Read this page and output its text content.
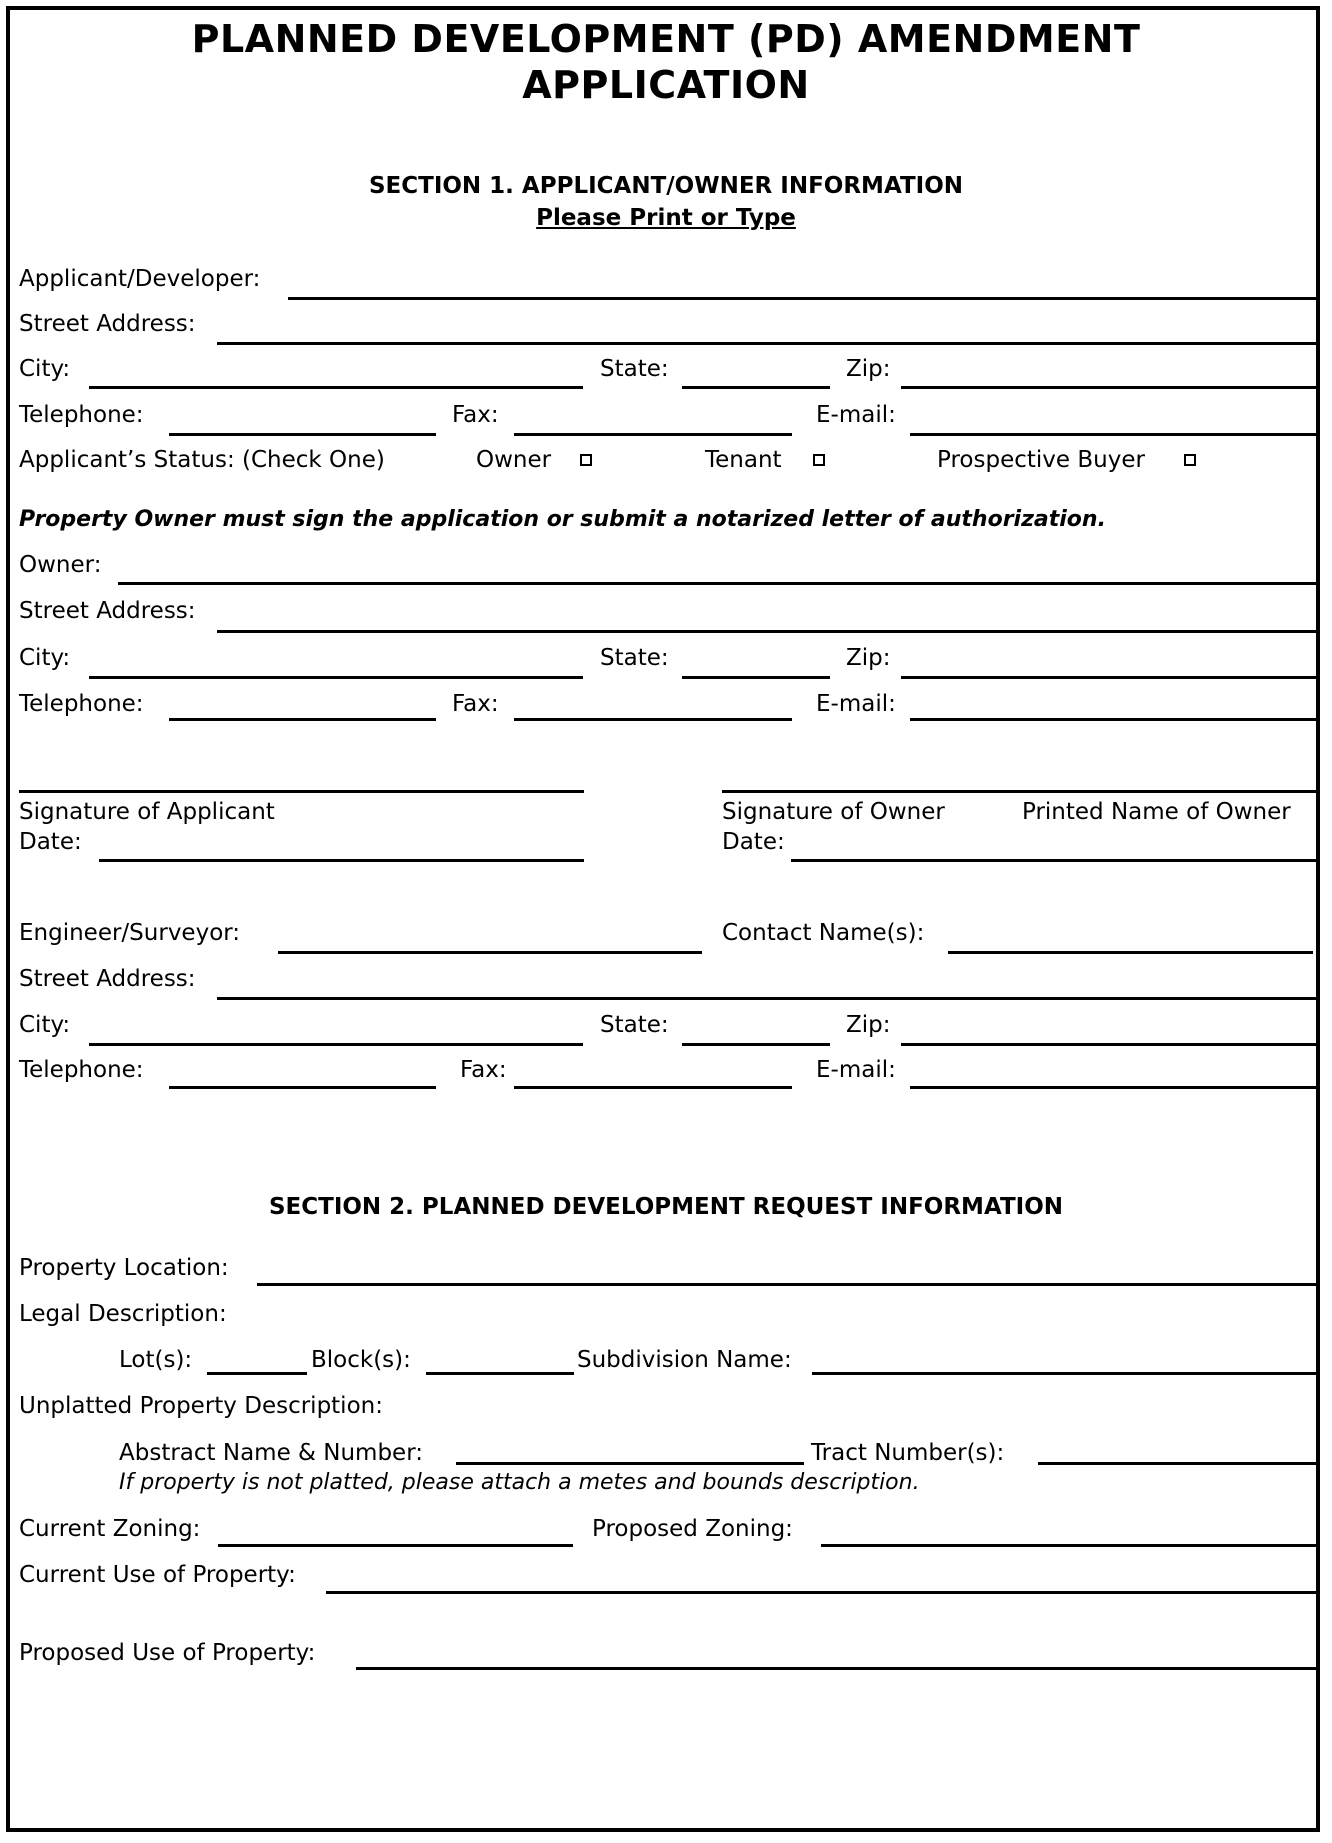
PLANNED DEVELOPMENT (PD) AMENDMENT
APPLICATION
SECTION 1. APPLICANT/OWNER INFORMATION
Please Print or Type
Applicant/Developer:
Street Address:
City:	State:	Zip:
Telephone:	Fax:	E-mail:
Applicant’s Status: (Check One)	Owner	Tenant	Prospective Buyer
Property Owner must sign the application or submit a notarized letter of authorization.
Owner:
Street Address:
City:	State:	Zip:
Telephone:	Fax:	E-mail:
Signature of Applicant	Signature of Owner	Printed Name of Owner
Date:	Date:
Engineer/Surveyor:	Contact Name(s):
Street Address:
City:	State:	Zip:
Telephone:	Fax:	E-mail:
SECTION 2. PLANNED DEVELOPMENT REQUEST INFORMATION
Property Location:
Legal Description:
Lot(s):	Block(s):	Subdivision Name:
Unplatted Property Description:
Abstract Name & Number:	Tract Number(s):
If property is not platted, please attach a metes and bounds description.
Current Zoning:	Proposed Zoning:
Current Use of Property:
Proposed Use of Property:
